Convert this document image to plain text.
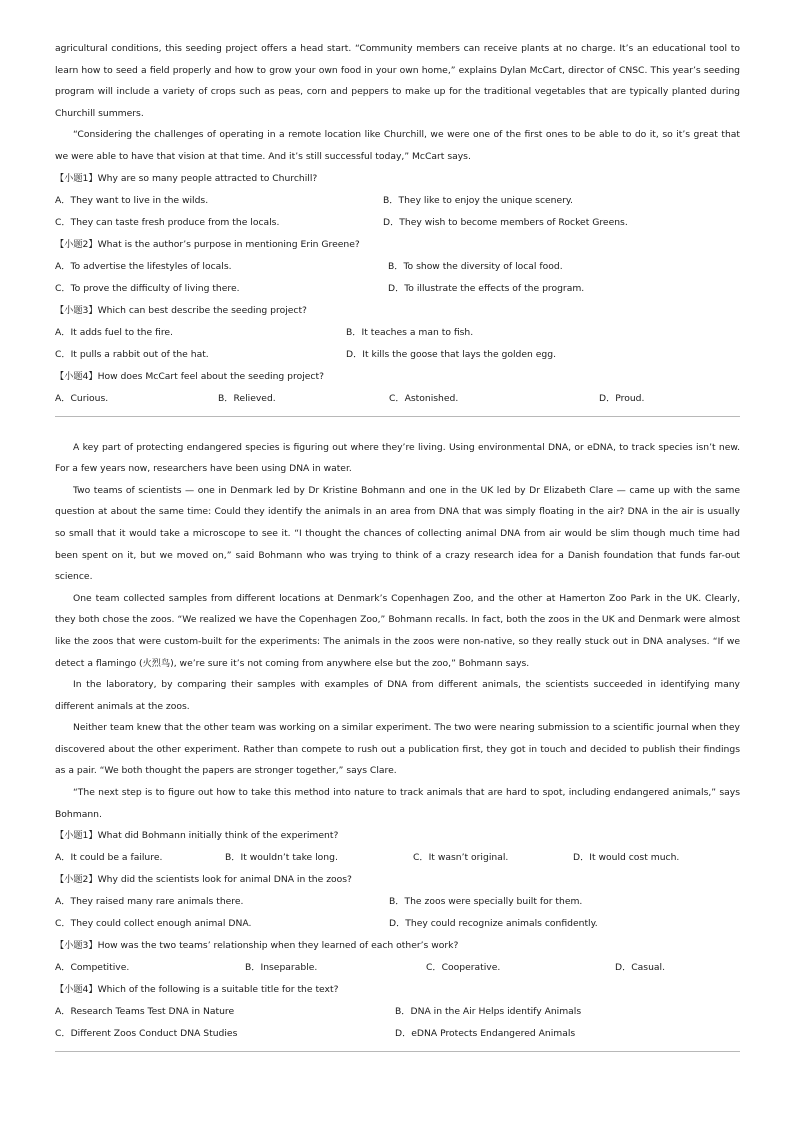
agricultural conditions, this seeding project offers a head start. “Community members can receive plants at no charge. It’s an educational tool to learn how to seed a field properly and how to grow your own food in your own home,” explains Dylan McCart, director of CNSC. This year’s seeding program will include a variety of crops such as peas, corn and peppers to make up for the traditional vegetables that are typically planted during Churchill summers.

“Considering the challenges of operating in a remote location like Churchill, we were one of the first ones to be able to do it, so it’s great that we were able to have that vision at that time. And it’s still successful today,” McCart says.

【小题1】Why are so many people attracted to Churchill?
A．They want to live in the wilds.	B．They like to enjoy the unique scenery.
C．They can taste fresh produce from the locals.	D．They wish to become members of Rocket Greens.
【小题2】What is the author’s purpose in mentioning Erin Greene?
A．To advertise the lifestyles of locals.	B．To show the diversity of local food.
C．To prove the difficulty of living there.	D．To illustrate the effects of the program.
【小题3】Which can best describe the seeding project?
A．It adds fuel to the fire.	B．It teaches a man to fish.
C．It pulls a rabbit out of the hat.	D．It kills the goose that lays the golden egg.
【小题4】How does McCart feel about the seeding project?
A．Curious.	B．Relieved.	C．Astonished.	D．Proud.

A key part of protecting endangered species is figuring out where they’re living. Using environmental DNA, or eDNA, to track species isn’t new. For a few years now, researchers have been using DNA in water.

Two teams of scientists — one in Denmark led by Dr Kristine Bohmann and one in the UK led by Dr Elizabeth Clare — came up with the same question at about the same time: Could they identify the animals in an area from DNA that was simply floating in the air? DNA in the air is usually so small that it would take a microscope to see it. “I thought the chances of collecting animal DNA from air would be slim though much time had been spent on it, but we moved on,” said Bohmann who was trying to think of a crazy research idea for a Danish foundation that funds far-out science.

One team collected samples from different locations at Denmark’s Copenhagen Zoo, and the other at Hamerton Zoo Park in the UK. Clearly, they both chose the zoos. “We realized we have the Copenhagen Zoo,” Bohmann recalls. In fact, both the zoos in the UK and Denmark were almost like the zoos that were custom-built for the experiments: The animals in the zoos were non-native, so they really stuck out in DNA analyses. “If we detect a flamingo (火烈鸟), we’re sure it’s not coming from anywhere else but the zoo,” Bohmann says.

In the laboratory, by comparing their samples with examples of DNA from different animals, the scientists succeeded in identifying many different animals at the zoos.

Neither team knew that the other team was working on a similar experiment. The two were nearing submission to a scientific journal when they discovered about the other experiment. Rather than compete to rush out a publication first, they got in touch and decided to publish their findings as a pair. “We both thought the papers are stronger together,” says Clare.

“The next step is to figure out how to take this method into nature to track animals that are hard to spot, including endangered animals,” says Bohmann.

【小题1】What did Bohmann initially think of the experiment?
A．It could be a failure.	B．It wouldn’t take long.	C．It wasn’t original.	D．It would cost much.
【小题2】Why did the scientists look for animal DNA in the zoos?
A．They raised many rare animals there.	B．The zoos were specially built for them.
C．They could collect enough animal DNA.	D．They could recognize animals confidently.
【小题3】How was the two teams’ relationship when they learned of each other’s work?
A．Competitive.	B．Inseparable.	C．Cooperative.	D．Casual.
【小题4】Which of the following is a suitable title for the text?
A．Research Teams Test DNA in Nature	B．DNA in the Air Helps identify Animals
C．Different Zoos Conduct DNA Studies	D．eDNA Protects Endangered Animals
